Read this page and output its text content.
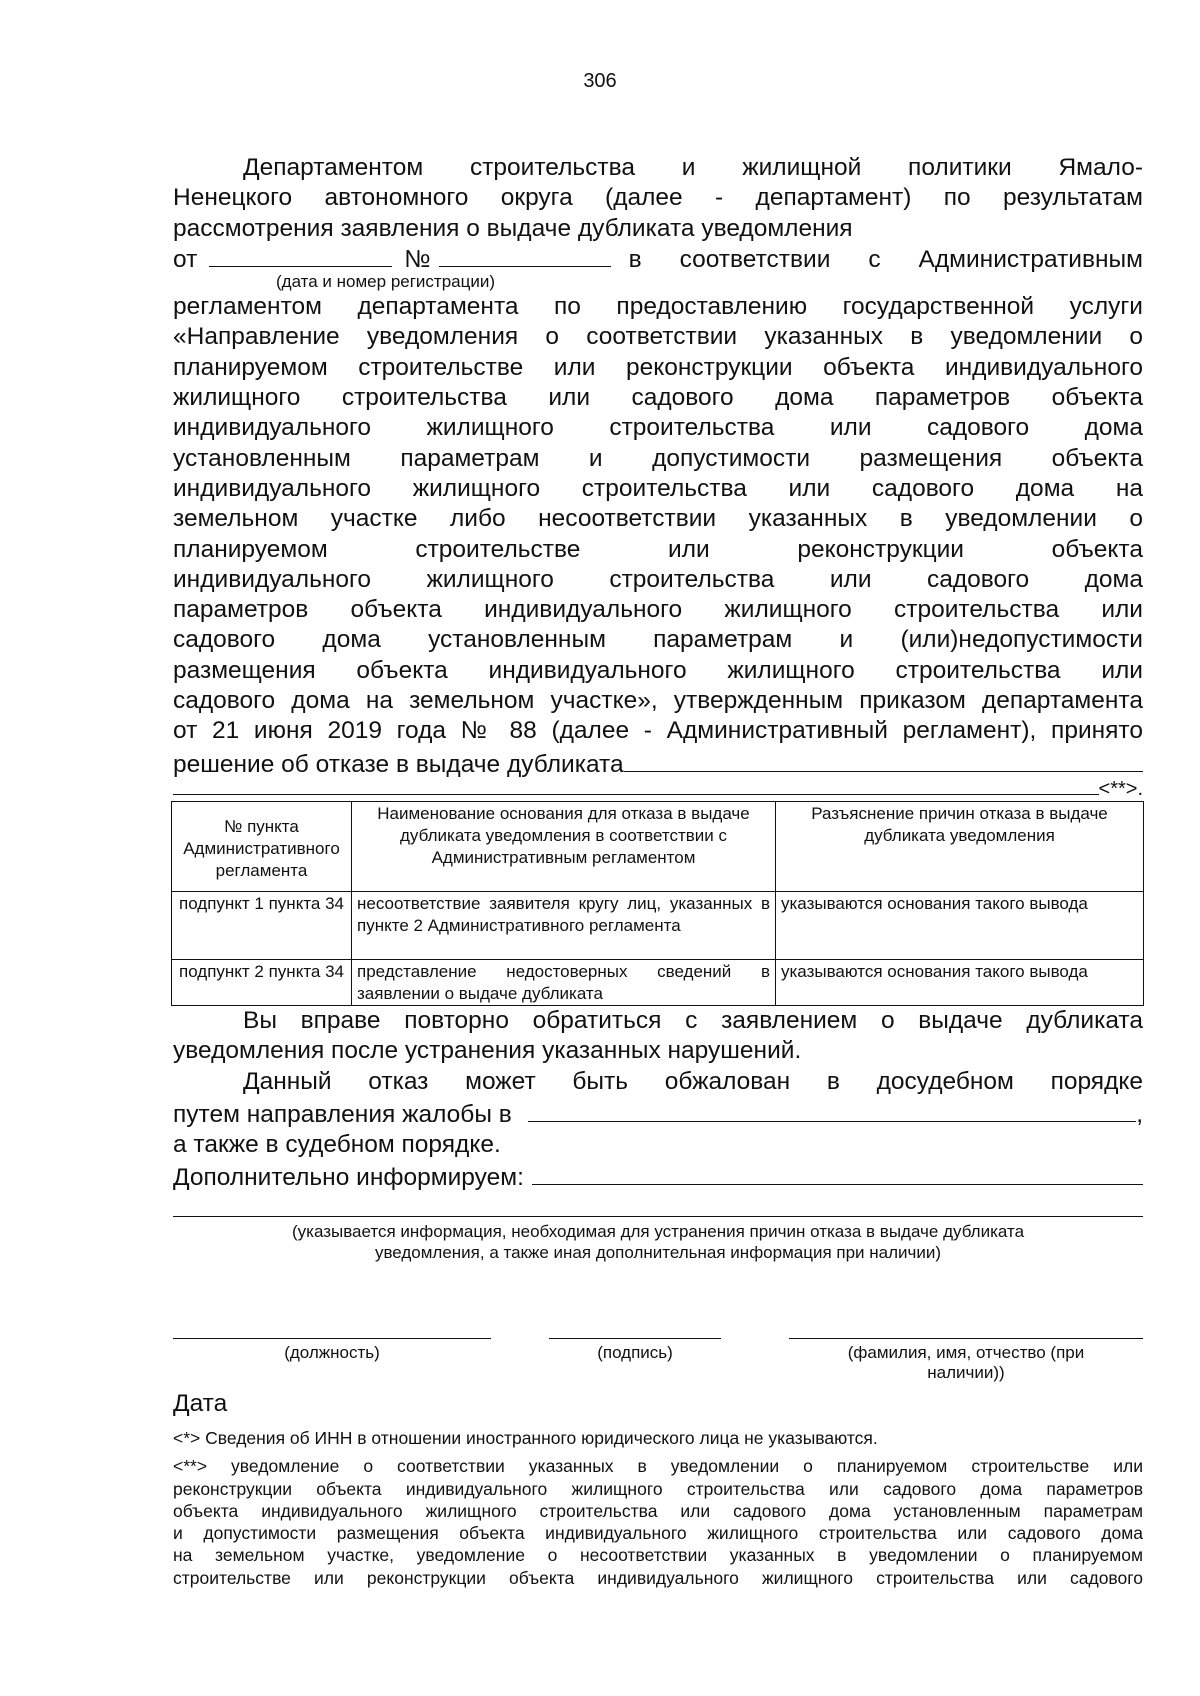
306

Департаментом строительства и жилищной политики Ямало-

Ненецкого автономного округа (далее - департамент) по результатам

рассмотрения заявления о выдаче дубликата уведомления

от	№	в соответствии с Административным
(дата и номер регистрации)

регламентом департамента по предоставлению государственной услуги

«Направление уведомления о соответствии указанных в уведомлении о

планируемом строительстве или реконструкции объекта индивидуального

жилищного строительства или садового дома параметров объекта

индивидуального жилищного строительства или садового дома

установленным параметрам и допустимости размещения объекта

индивидуального жилищного строительства или садового дома на

земельном участке либо несоответствии указанных в уведомлении о

планируемом строительстве или реконструкции объекта

индивидуального жилищного строительства или садового дома

параметров объекта индивидуального жилищного строительства или

садового дома установленным параметрам и (или)недопустимости

размещения объекта индивидуального жилищного строительства или

садового дома на земельном участке», утвержденным приказом департамента

от 21 июня 2019 года № 88 (далее - Административный регламент), принято

решение об отказе в выдаче дубликата
<**>.
№ пункта Административного регламента	Наименование основания для отказа в выдаче дубликата уведомления в соответствии с Административным регламентом	Разъяснение причин отказа в выдаче дубликата уведомления
подпункт 1 пункта 34	несоответствие заявителя кругу лиц, указанных в пункте 2 Административного регламента	указываются основания такого вывода
подпункт 2 пункта 34	представление недостоверных сведений в заявлении о выдаче дубликата	указываются основания такого вывода

Вы вправе повторно обратиться с заявлением о выдаче дубликата

уведомления после устранения указанных нарушений.

Данный отказ может быть обжалован в досудебном порядке

путем направления жалобы в	,

а также в судебном порядке.

Дополнительно информируем:
(указывается информация, необходимая для устранения причин отказа в выдаче дубликата
уведомления, а также иная дополнительная информация при наличии)
(должность)	(подпись)	(фамилия, имя, отчество (при
наличии))
Дата

<*> Сведения об ИНН в отношении иностранного юридического лица не указываются.

<**> уведомление о соответствии указанных в уведомлении о планируемом строительстве или

реконструкции объекта индивидуального жилищного строительства или садового дома параметров

объекта индивидуального жилищного строительства или садового дома установленным параметрам

и допустимости размещения объекта индивидуального жилищного строительства или садового дома

на земельном участке, уведомление о несоответствии указанных в уведомлении о планируемом

строительстве или реконструкции объекта индивидуального жилищного строительства или садового
